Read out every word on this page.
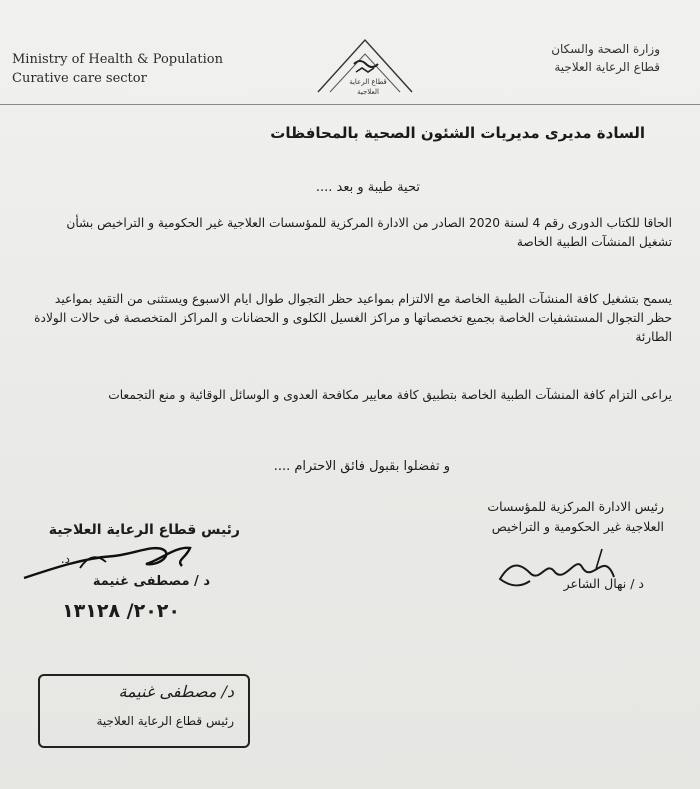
Ministry of Health & Population
Curative care sector	قطاع الرعاية
العلاجية
وزارة الصحة والسكان
قطاع الرعاية العلاجية
السادة مديرى مديريات الشئون الصحية بالمحافظات
تحية طيبة و بعد ....
الحاقا للكتاب الدورى رقم 4 لسنة 2020 الصادر من الادارة المركزية للمؤسسات العلاجية غير الحكومية و التراخيص بشأن تشغيل المنشآت الطبية الخاصة
يسمح بتشغيل كافة المنشآت الطبية الخاصة مع الالتزام بمواعيد حظر التجوال طوال ايام الاسبوع ويستثنى من التقيد بمواعيد حظر التجوال المستشفيات الخاصة بجميع تخصصاتها و مراكز الغسيل الكلوى و الحضانات و المراكز المتخصصة فى حالات الولادة الطارئة
يراعى التزام كافة المنشآت الطبية الخاصة بتطبيق كافة معايير مكافحة العدوى و الوسائل الوقائية و منع التجمعات
و تفضلوا بقبول فائق الاحترام ....
رئيس الادارة المركزية للمؤسسات
العلاجية غير الحكومية و التراخيص
د / نهال الشاعر
رئيس قطاع الرعاية العلاجية
د.
د / مصطفى غنيمة
٢٠٢٠/ ١٣١٢٨
د/ مصطفى غنيمة
رئيس قطاع الرعاية العلاجية
